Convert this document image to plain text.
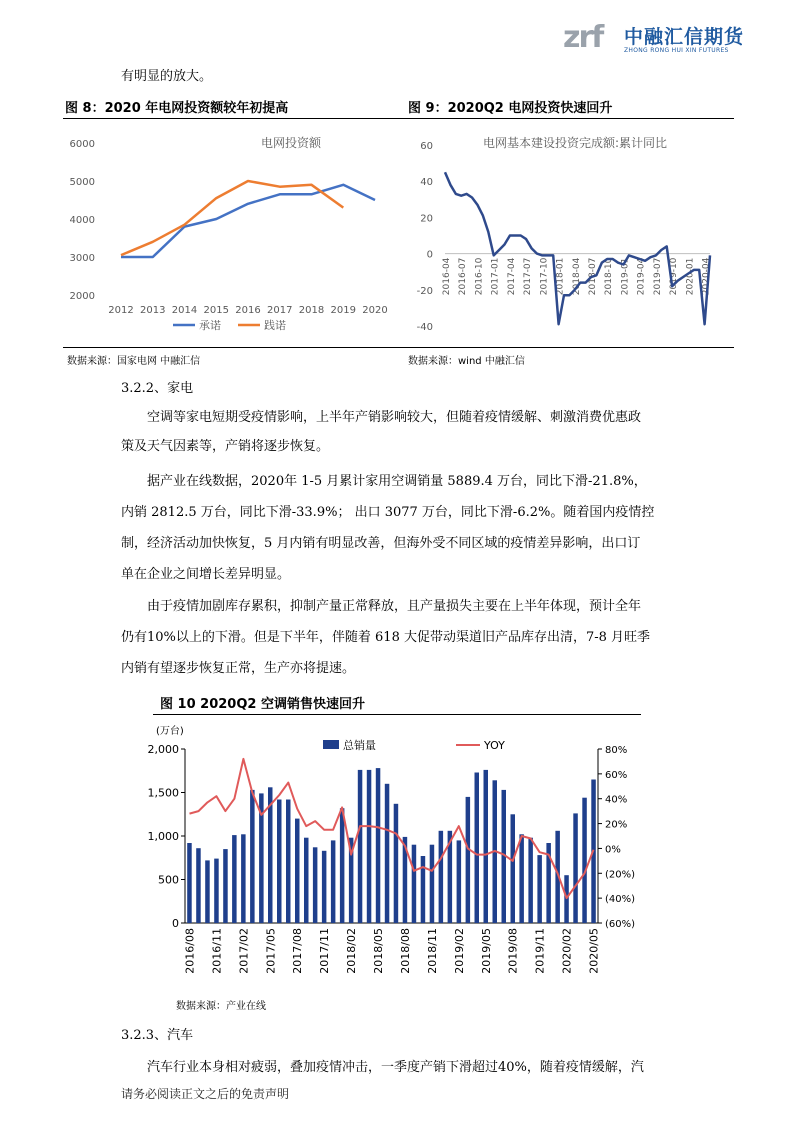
zrf 中融汇信期货
ZHONG RONG HUI XIN FUTURES
有明显的放大。
图 8：2020 年电网投资额较年初提高	图 9：2020Q2 电网投资快速回升
电网投资额
2000
3000
4000
5000
6000
2012 2013 2014 2015 2016 2017 2018 2019 2020
承诺	践诺
电网基本建设投资完成额:累计同比
-40
-20
0
20
40
60
2016-04 2016-07 2016-10 2017-01 2017-04 2017-07 2017-10 2018-01 2018-04 2018-07 2018-10 2019-01 2019-04 2019-07 2019-10 2020-01 2020-04
数据来源：国家电网 中融汇信	数据来源：wind 中融汇信
3.2.2、家电
空调等家电短期受疫情影响，上半年产销影响较大，但随着疫情缓解、刺激消费优惠政
策及天气因素等，产销将逐步恢复。
据产业在线数据，2020年 1-5 月累计家用空调销量 5889.4 万台，同比下滑-21.8%，
内销 2812.5 万台，同比下滑-33.9%； 出口 3077 万台，同比下滑-6.2%。随着国内疫情控
制，经济活动加快恢复，5 月内销有明显改善，但海外受不同区域的疫情差异影响，出口订
单在企业之间增长差异明显。
由于疫情加剧库存累积，抑制产量正常释放，且产量损失主要在上半年体现，预计全年
仍有10%以上的下滑。但是下半年，伴随着 618 大促带动渠道旧产品库存出清，7-8 月旺季
内销有望逐步恢复正常，生产亦将提速。
图 10 2020Q2 空调销售快速回升
(万台)
0
500
1,000
1,500
2,000
(60%)
(40%)
(20%)
0%
20%
40%
60%
80%
2016/08 2016/11 2017/02 2017/05 2017/08 2017/11 2018/02 2018/05 2018/08 2018/11 2019/02 2019/05 2019/08 2019/11 2020/02 2020/05
总销量	YOY
数据来源：产业在线
3.2.3、汽车
汽车行业本身相对疲弱，叠加疫情冲击，一季度产销下滑超过40%，随着疫情缓解，汽
请务必阅读正文之后的免责声明
